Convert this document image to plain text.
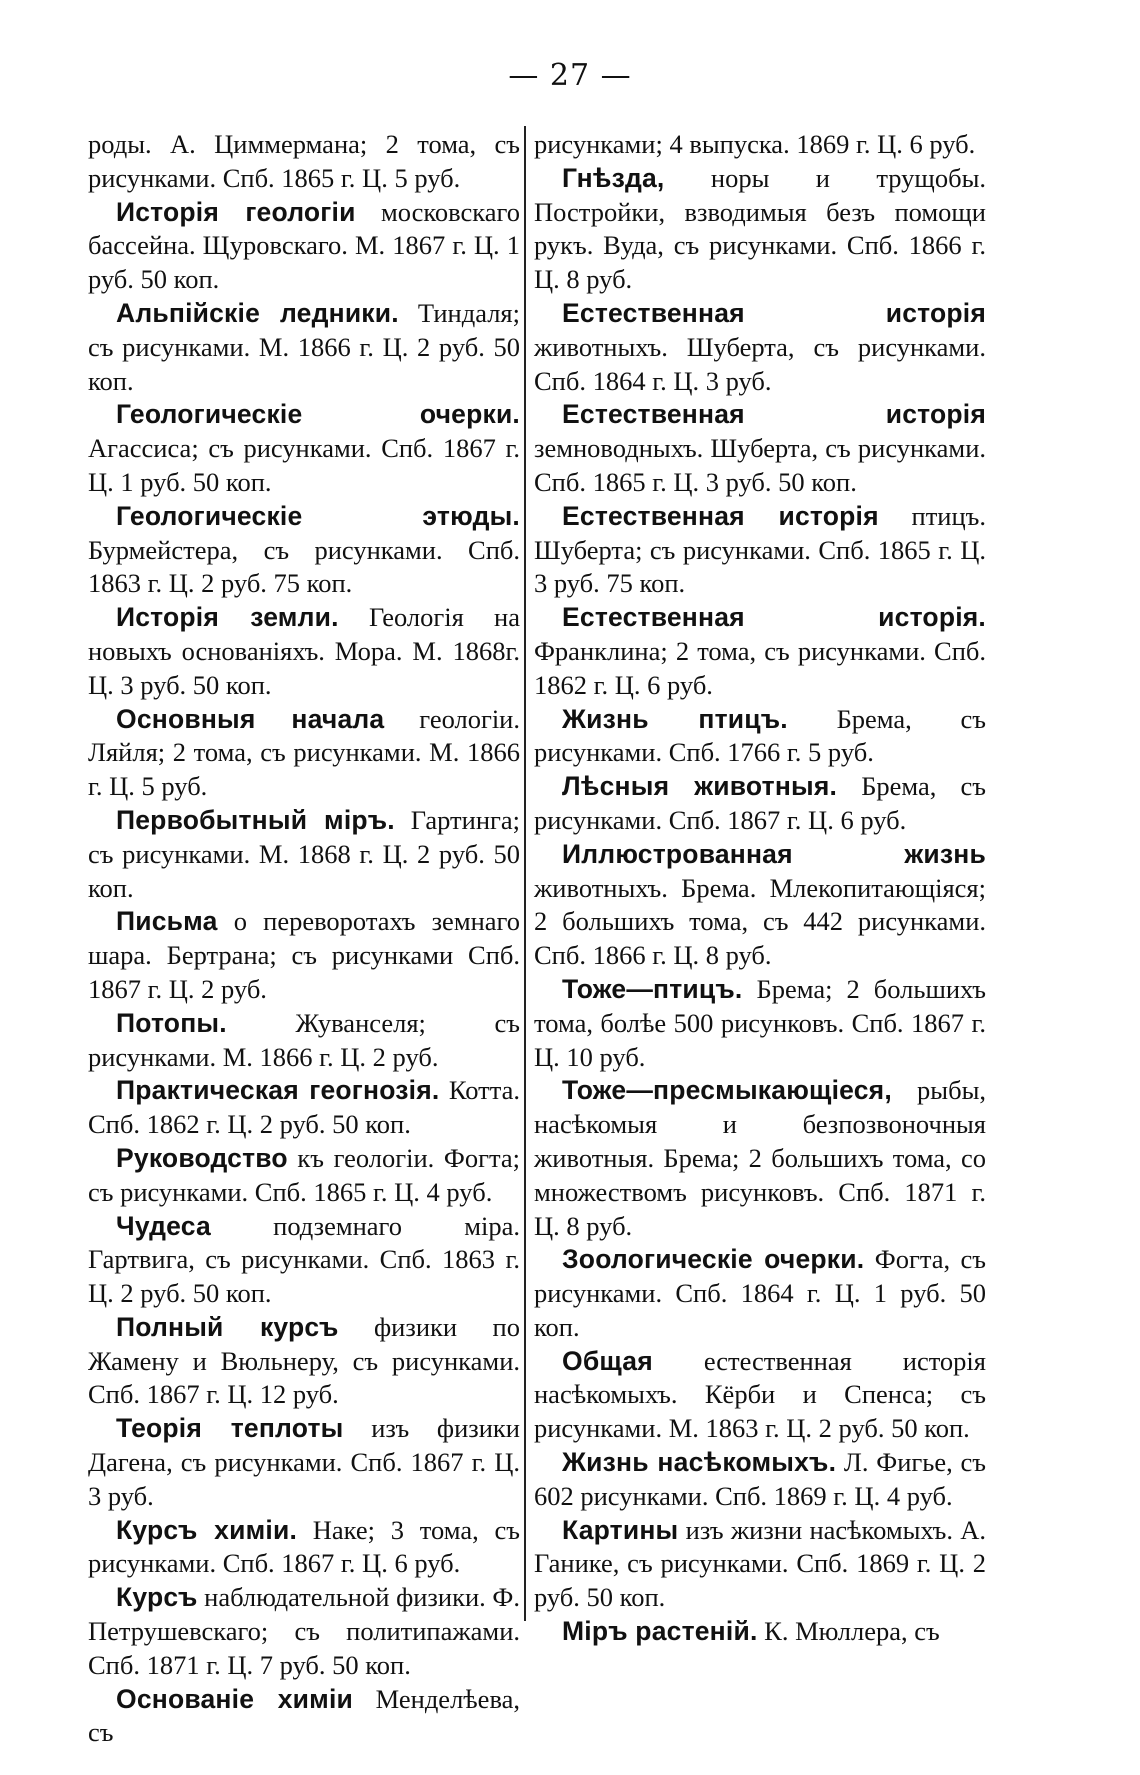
— 27 —

роды. А. Циммермана; 2 тома, съ рисунками. Спб. 1865 г. Ц. 5 руб.

Исторія геологіи московскаго бассейна. Щуровскаго. М. 1867 г. Ц. 1 руб. 50 коп.

Альпійскіе ледники. Тиндаля; съ рисунками. М. 1866 г. Ц. 2 руб. 50 коп.

Геологическіе очерки. Агассиса; съ рисунками. Спб. 1867 г. Ц. 1 руб. 50 коп.

Геологическіе этюды. Бурмейстера, съ рисунками. Спб. 1863 г. Ц. 2 руб. 75 коп.

Исторія земли. Геологія на новыхъ основаніяхъ. Мора. М. 1868г. Ц. 3 руб. 50 коп.

Основныя начала геологіи. Ляйля; 2 тома, съ рисунками. М. 1866 г. Ц. 5 руб.

Первобытный міръ. Гартинга; съ рисунками. М. 1868 г. Ц. 2 руб. 50 коп.

Письма о переворотахъ земнаго шара. Бертрана; съ рисунками Спб. 1867 г. Ц. 2 руб.

Потопы. Жуванселя; съ рисунками. М. 1866 г. Ц. 2 руб.

Практическая геогнозія. Котта. Спб. 1862 г. Ц. 2 руб. 50 коп.

Руководство къ геологіи. Фогта; съ рисунками. Спб. 1865 г. Ц. 4 руб.

Чудеса подземнаго міра. Гартвига, съ рисунками. Спб. 1863 г. Ц. 2 руб. 50 коп.

Полный курсъ физики по Жамену и Вюльнеру, съ рисунками. Спб. 1867 г. Ц. 12 руб.

Теорія теплоты изъ физики Дагена, съ рисунками. Спб. 1867 г. Ц. 3 руб.

Курсъ химіи. Наке; 3 тома, съ рисунками. Спб. 1867 г. Ц. 6 руб.

Курсъ наблюдательной физики. Ф. Петрушевскаго; съ политипажами. Спб. 1871 г. Ц. 7 руб. 50 коп.

Основаніе химіи Менделѣева, съ

рисунками; 4 выпуска. 1869 г. Ц. 6 руб.

Гнѣзда, норы и трущобы. Постройки, взводимыя безъ помощи рукъ. Вуда, съ рисунками. Спб. 1866 г. Ц. 8 руб.

Естественная исторія животныхъ. Шуберта, съ рисунками. Спб. 1864 г. Ц. 3 руб.

Естественная исторія земноводныхъ. Шуберта, съ рисунками. Спб. 1865 г. Ц. 3 руб. 50 коп.

Естественная исторія птицъ. Шуберта; съ рисунками. Спб. 1865 г. Ц. 3 руб. 75 коп.

Естественная исторія. Франклина; 2 тома, съ рисунками. Спб. 1862 г. Ц. 6 руб.

Жизнь птицъ. Брема, съ рисунками. Спб. 1766 г. 5 руб.

Лѣсныя животныя. Брема, съ рисунками. Спб. 1867 г. Ц. 6 руб.

Иллюстрованная жизнь животныхъ. Брема. Млекопитающіяся; 2 большихъ тома, съ 442 рисунками. Спб. 1866 г. Ц. 8 руб.

Тоже—птицъ. Брема; 2 большихъ тома, болѣе 500 рисунковъ. Спб. 1867 г. Ц. 10 руб.

Тоже—пресмыкающіеся, рыбы, насѣкомыя и безпозвоночныя животныя. Брема; 2 большихъ тома, со множествомъ рисунковъ. Спб. 1871 г. Ц. 8 руб.

Зоологическіе очерки. Фогта, съ рисунками. Спб. 1864 г. Ц. 1 руб. 50 коп.

Общая естественная исторія насѣкомыхъ. Кёрби и Спенса; съ рисунками. М. 1863 г. Ц. 2 руб. 50 коп.

Жизнь насѣкомыхъ. Л. Фигье, съ 602 рисунками. Спб. 1869 г. Ц. 4 руб.

Картины изъ жизни насѣкомыхъ. А. Ганике, съ рисунками. Спб. 1869 г. Ц. 2 руб. 50 коп.

Міръ растеній. К. Мюллера, съ
